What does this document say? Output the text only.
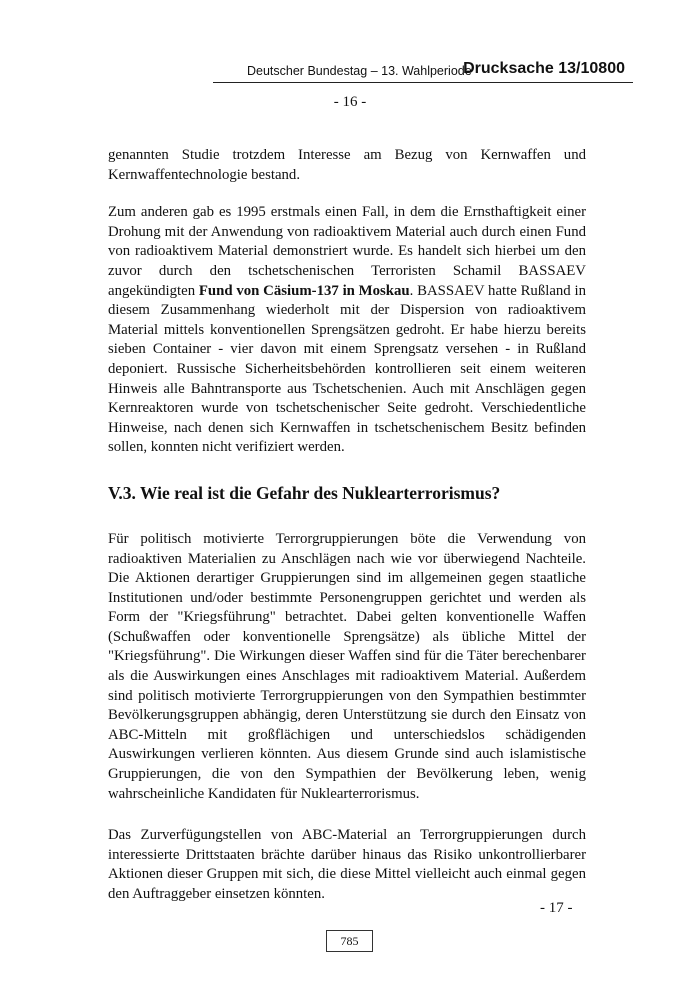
Deutscher Bundestag – 13. Wahlperiode
Drucksache 13/10800
- 16 -

genannten Studie trotzdem Interesse am Bezug von Kernwaffen und Kernwaffentechnologie bestand.

Zum anderen gab es 1995 erstmals einen Fall, in dem die Ernsthaftigkeit einer Drohung mit der Anwendung von radioaktivem Material auch durch einen Fund von radioaktivem Material demonstriert wurde. Es handelt sich hierbei um den zuvor durch den tschetschenischen Terroristen Schamil BASSAEV angekündigten Fund von Cäsium-137 in Moskau. BASSAEV hatte Rußland in diesem Zusammenhang wiederholt mit der Dispersion von radioaktivem Material mittels konventionellen Sprengsätzen gedroht. Er habe hierzu bereits sieben Container - vier davon mit einem Sprengsatz versehen - in Rußland deponiert. Russische Sicherheitsbehörden kontrollieren seit einem weiteren Hinweis alle Bahntransporte aus Tschetschenien. Auch mit Anschlägen gegen Kernreaktoren wurde von tschetschenischer Seite gedroht. Verschiedentliche Hinweise, nach denen sich Kernwaffen in tschetschenischem Besitz befinden sollen, konnten nicht verifiziert werden.

V.3. Wie real ist die Gefahr des Nuklearterrorismus?

Für politisch motivierte Terrorgruppierungen böte die Verwendung von radioaktiven Materialien zu Anschlägen nach wie vor überwiegend Nachteile. Die Aktionen derartiger Gruppierungen sind im allgemeinen gegen staatliche Institutionen und/oder bestimmte Personengruppen gerichtet und werden als Form der "Kriegsführung" betrachtet. Dabei gelten konventionelle Waffen (Schußwaffen oder konventionelle Sprengsätze) als übliche Mittel der "Kriegsführung". Die Wirkungen dieser Waffen sind für die Täter berechenbarer als die Auswirkungen eines Anschlages mit radioaktivem Material. Außerdem sind politisch motivierte Terrorgruppierungen von den Sympathien bestimmter Bevölkerungsgruppen abhängig, deren Unterstützung sie durch den Einsatz von ABC-Mitteln mit großflächigen und unterschiedslos schädigenden Auswirkungen verlieren könnten. Aus diesem Grunde sind auch islamistische Gruppierungen, die von den Sympathien der Bevölkerung leben, wenig wahrscheinliche Kandidaten für Nuklearterrorismus.

Das Zurverfügungstellen von ABC-Material an Terrorgruppierungen durch interessierte Drittstaaten brächte darüber hinaus das Risiko unkontrollierbarer Aktionen dieser Gruppen mit sich, die diese Mittel vielleicht auch einmal gegen den Auftraggeber einsetzen könnten.

- 17 -
785
